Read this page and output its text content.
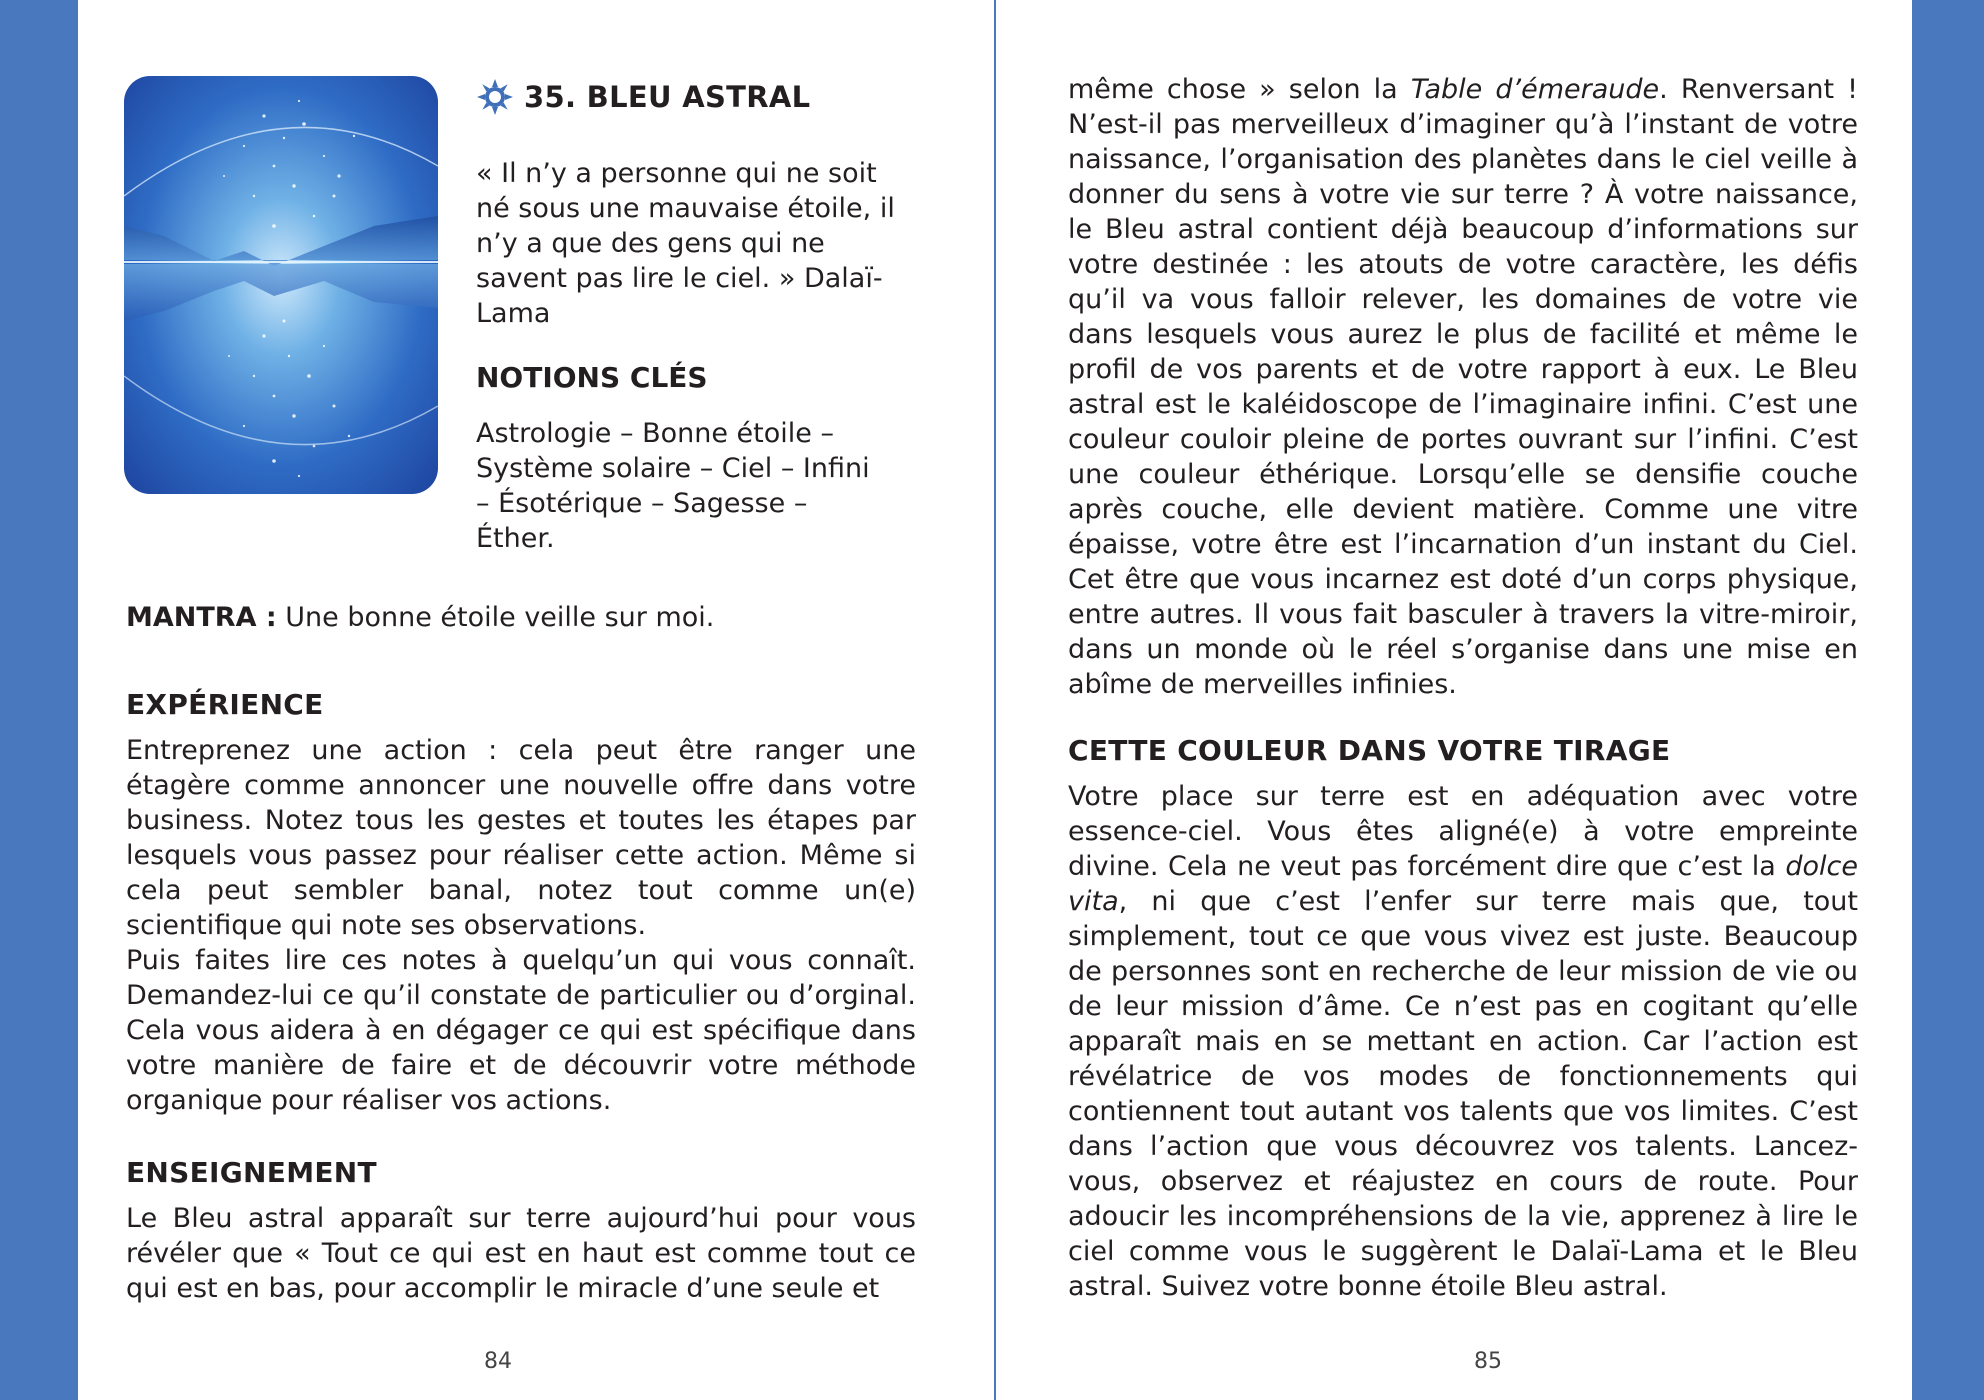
35. BLEU ASTRAL
« Il n’y a personne qui ne soit né sous une mauvaise étoile, il n’y a que des gens qui ne savent pas lire le ciel. » Dalaï-Lama
NOTIONS CLÉS
Astrologie – Bonne étoile – Système solaire – Ciel – Infini – Ésotérique – Sagesse – Éther.
MANTRA : Une bonne étoile veille sur moi.
EXPÉRIENCE

Entreprenez une action : cela peut être ranger une étagère comme annoncer une nouvelle offre dans votre business. Notez tous les gestes et toutes les étapes par lesquels vous passez pour réaliser cette action. Même si cela peut sembler banal, notez tout comme un(e) scientifique qui note ses observations.

Puis faites lire ces notes à quelqu’un qui vous connaît. Demandez-lui ce qu’il constate de particulier ou d’orginal. Cela vous aidera à en dégager ce qui est spécifique dans votre manière de faire et de découvrir votre méthode organique pour réaliser vos actions.

ENSEIGNEMENT

Le Bleu astral apparaît sur terre aujourd’hui pour vous révéler que « Tout ce qui est en haut est comme tout ce qui est en bas, pour accomplir le miracle d’une seule et

84

même chose » selon la Table d’émeraude. Renversant ! N’est-il pas merveilleux d’imaginer qu’à l’instant de votre naissance, l’organisation des planètes dans le ciel veille à donner du sens à votre vie sur terre ? À votre naissance, le Bleu astral contient déjà beaucoup d’informations sur votre destinée : les atouts de votre caractère, les défis qu’il va vous falloir relever, les domaines de votre vie dans lesquels vous aurez le plus de facilité et même le profil de vos parents et de votre rapport à eux. Le Bleu astral est le kaléidoscope de l’imaginaire infini. C’est une couleur couloir pleine de portes ouvrant sur l’infini. C’est une couleur éthérique. Lorsqu’elle se densifie couche après couche, elle devient matière. Comme une vitre épaisse, votre être est l’incarnation d’un instant du Ciel. Cet être que vous incarnez est doté d’un corps physique, entre autres. Il vous fait basculer à travers la vitre-miroir, dans un monde où le réel s’organise dans une mise en abîme de merveilles infinies.

CETTE COULEUR DANS VOTRE TIRAGE

Votre place sur terre est en adéquation avec votre essence-ciel. Vous êtes aligné(e) à votre empreinte divine. Cela ne veut pas forcément dire que c’est la dolce vita, ni que c’est l’enfer sur terre mais que, tout simplement, tout ce que vous vivez est juste. Beaucoup de personnes sont en recherche de leur mission de vie ou de leur mission d’âme. Ce n’est pas en cogitant qu’elle apparaît mais en se mettant en action. Car l’action est révélatrice de vos modes de fonctionnements qui contiennent tout autant vos talents que vos limites. C’est dans l’action que vous découvrez vos talents. Lancez-vous, observez et réajustez en cours de route. Pour adoucir les incompréhensions de la vie, apprenez à lire le ciel comme vous le suggèrent le Dalaï-Lama et le Bleu astral. Suivez votre bonne étoile Bleu astral.

85
